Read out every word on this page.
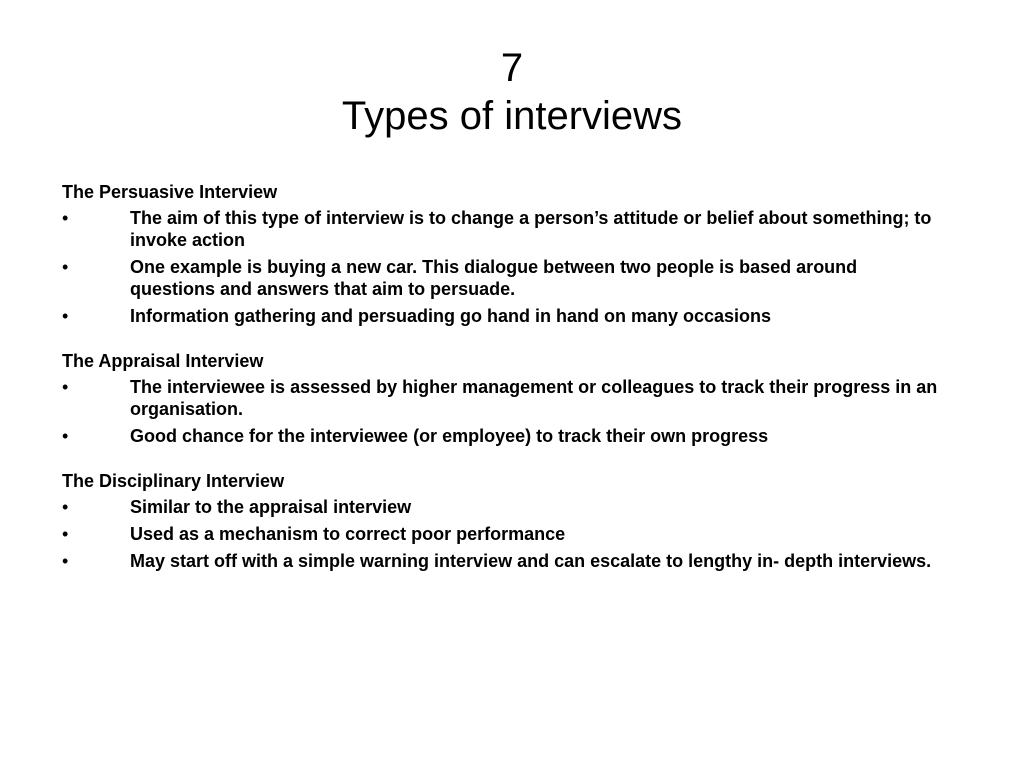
7
Types of interviews
The Persuasive Interview
•	The aim of this type of interview is to change a person’s attitude or belief about something; to invoke action
•	One example is buying a new car. This dialogue between two people is based around questions and answers that aim to persuade.
•	Information gathering and persuading go hand in hand on many occasions
The Appraisal Interview
•	The interviewee is assessed by higher management or colleagues to track their progress in an organisation.
•	Good chance for the interviewee (or employee) to track their own progress
The Disciplinary Interview
•	Similar to the appraisal interview
•	Used as a mechanism to correct poor performance
•	May start off with a simple warning interview and can escalate to lengthy in- depth interviews.
